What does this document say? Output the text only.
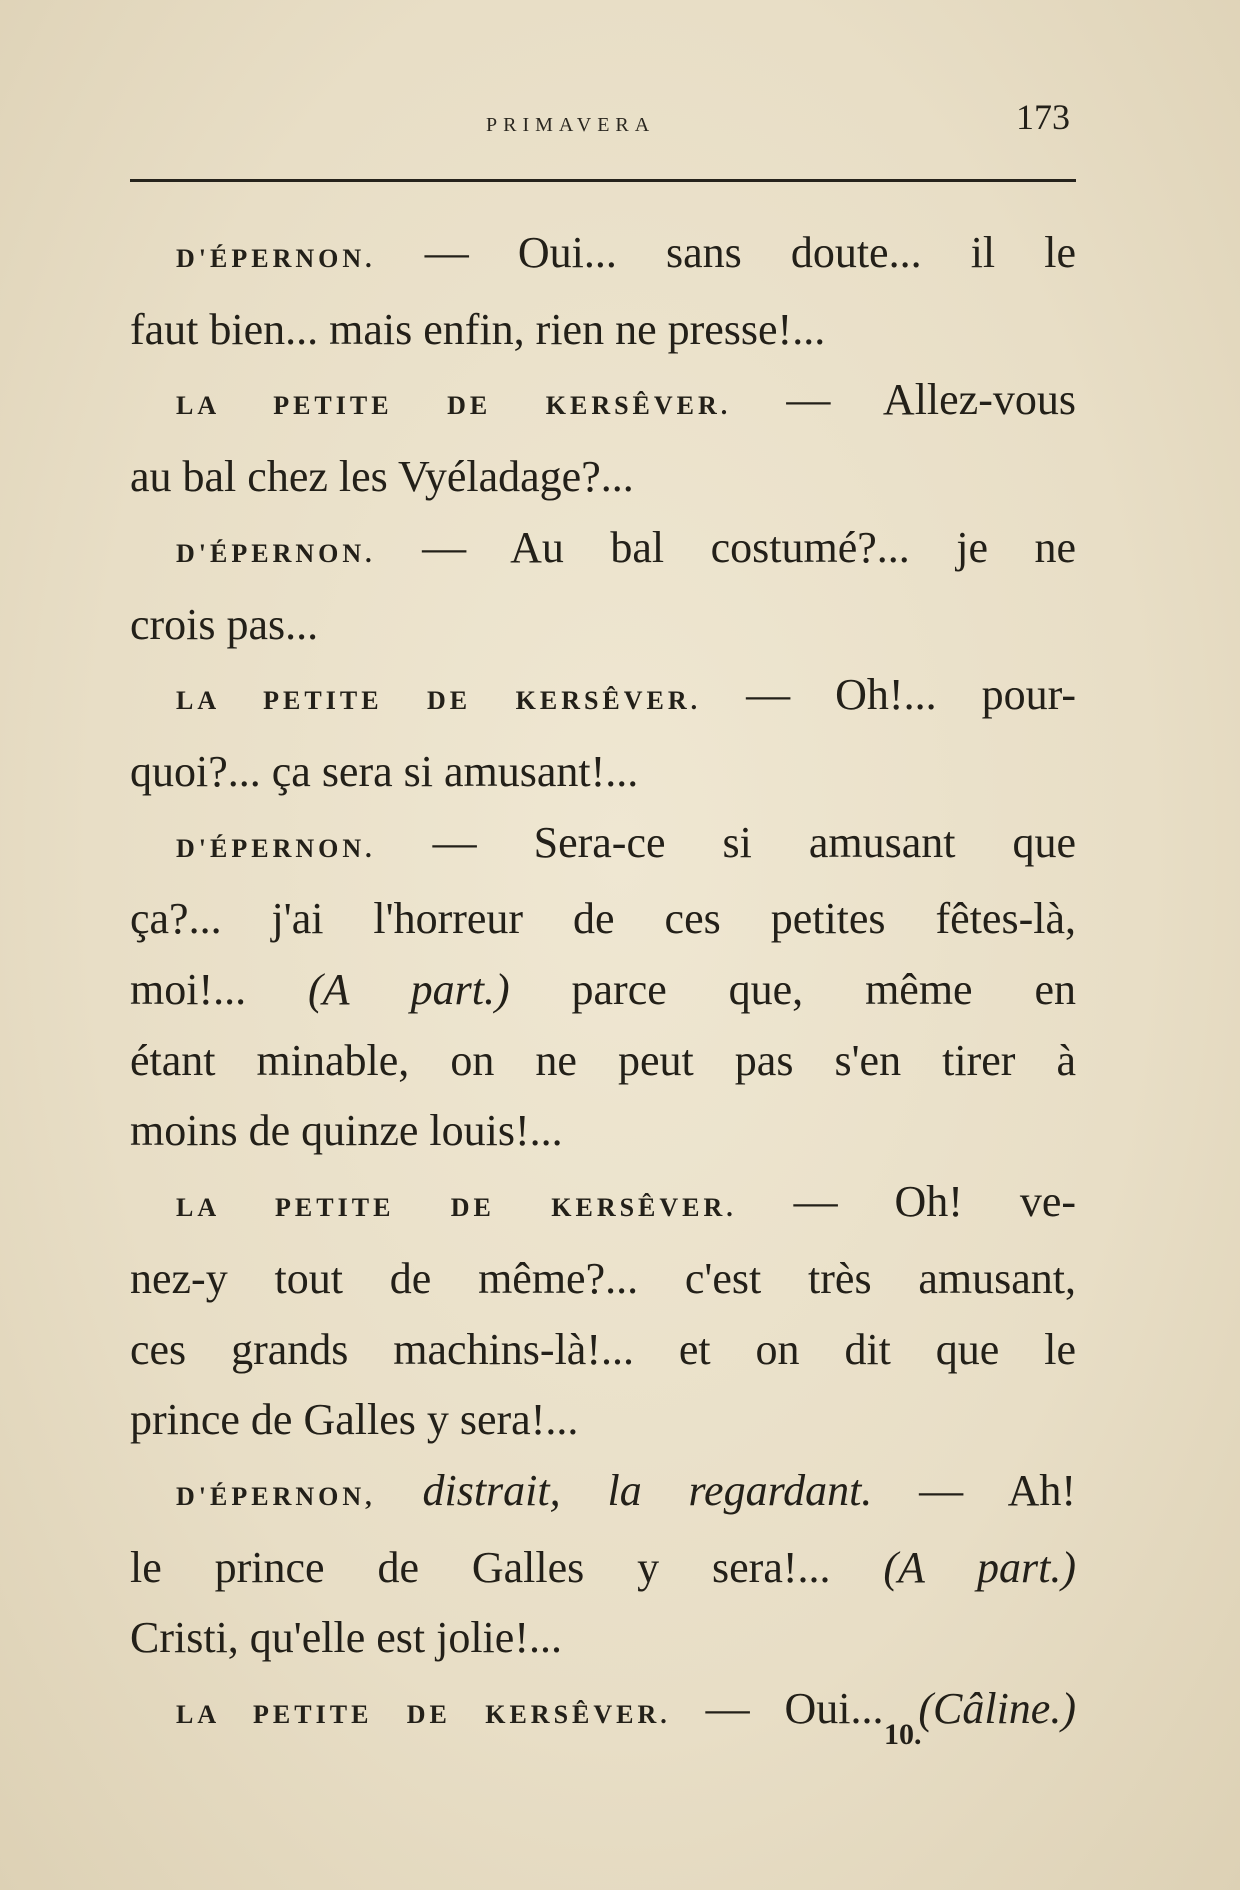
PRIMAVERA	173
D'ÉPERNON. — Oui... sans doute... il le
faut bien... mais enfin, rien ne presse!...
LA PETITE DE KERSÊVER. — Allez-vous
au bal chez les Vyéladage?...
D'ÉPERNON. — Au bal costumé?... je ne
crois pas...
LA PETITE DE KERSÊVER. — Oh!... pour-
quoi?... ça sera si amusant!...
D'ÉPERNON. — Sera-ce si amusant que
ça?... j'ai l'horreur de ces petites fêtes-là,
moi!... (A part.) parce que, même en
étant minable, on ne peut pas s'en tirer à
moins de quinze louis!...
LA PETITE DE KERSÊVER. — Oh! ve-
nez-y tout de même?... c'est très amusant,
ces grands machins-là!... et on dit que le
prince de Galles y sera!...
D'ÉPERNON, distrait, la regardant. — Ah!
le prince de Galles y sera!... (A part.)
Cristi, qu'elle est jolie!...
LA PETITE DE KERSÊVER. — Oui... (Câline.)
10.
